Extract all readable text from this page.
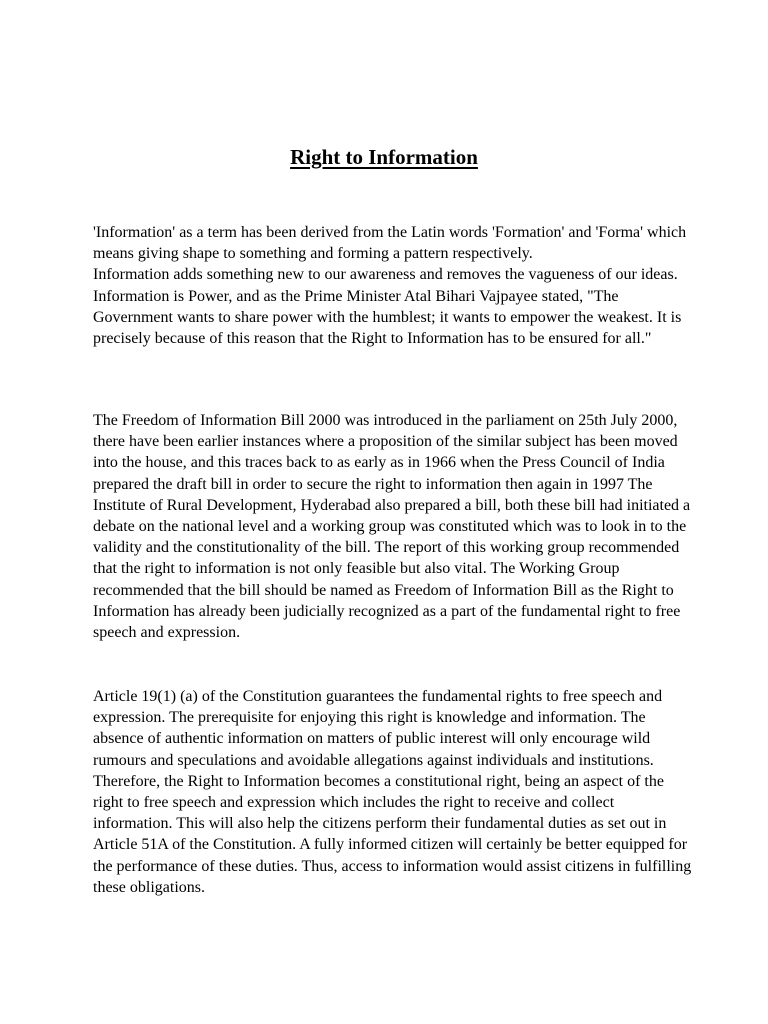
Right to Information

'Information' as a term has been derived from the Latin words 'Formation' and 'Forma' which means giving shape to something and forming a pattern respectively.

Information adds something new to our awareness and removes the vagueness of our ideas. Information is Power, and as the Prime Minister Atal Bihari Vajpayee stated, "The Government wants to share power with the humblest; it wants to empower the weakest. It is precisely because of this reason that the Right to Information has to be ensured for all."

The Freedom of Information Bill 2000 was introduced in the parliament on 25th July 2000, there have been earlier instances where a proposition of the similar subject has been moved into the house, and this traces back to as early as in 1966 when the Press Council of India prepared the draft bill in order to secure the right to information then again in 1997 The Institute of Rural Development, Hyderabad also prepared a bill, both these bill had initiated a debate on the national level and a working group was constituted which was to look in to the validity and the constitutionality of the bill. The report of this working group recommended that the right to information is not only feasible but also vital. The Working Group recommended that the bill should be named as Freedom of Information Bill as the Right to Information has already been judicially recognized as a part of the fundamental right to free speech and expression.

Article 19(1) (a) of the Constitution guarantees the fundamental rights to free speech and expression. The prerequisite for enjoying this right is knowledge and information. The absence of authentic information on matters of public interest will only encourage wild rumours and speculations and avoidable allegations against individuals and institutions. Therefore, the Right to Information becomes a constitutional right, being an aspect of the right to free speech and expression which includes the right to receive and collect information. This will also help the citizens perform their fundamental duties as set out in Article 51A of the Constitution. A fully informed citizen will certainly be better equipped for the performance of these duties. Thus, access to information would assist citizens in fulfilling these obligations.
